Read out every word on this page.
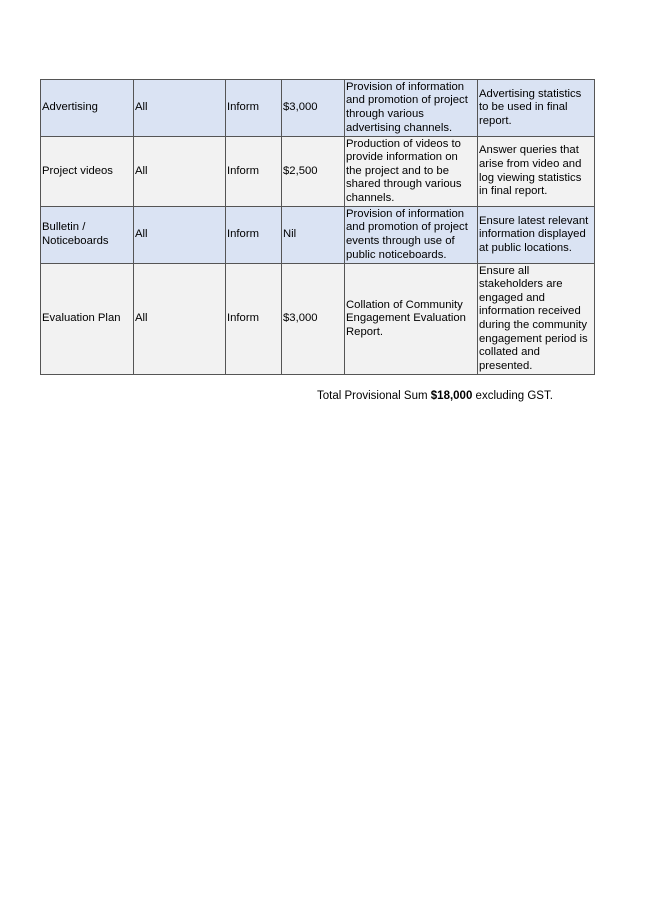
Advertising	All	Inform	$3,000	Provision of information and promotion of project through various advertising channels.	Advertising statistics to be used in final report.
Project videos	All	Inform	$2,500	Production of videos to provide information on the project and to be shared through various channels.	Answer queries that arise from video and log viewing statistics in final report.
Bulletin / Noticeboards	All	Inform	Nil	Provision of information and promotion of project events through use of public noticeboards.	Ensure latest relevant information displayed at public locations.
Evaluation Plan	All	Inform	$3,000	Collation of Community Engagement Evaluation Report.	Ensure all stakeholders are engaged and information received during the community engagement period is collated and presented.
Total Provisional Sum $18,000 excluding GST.
